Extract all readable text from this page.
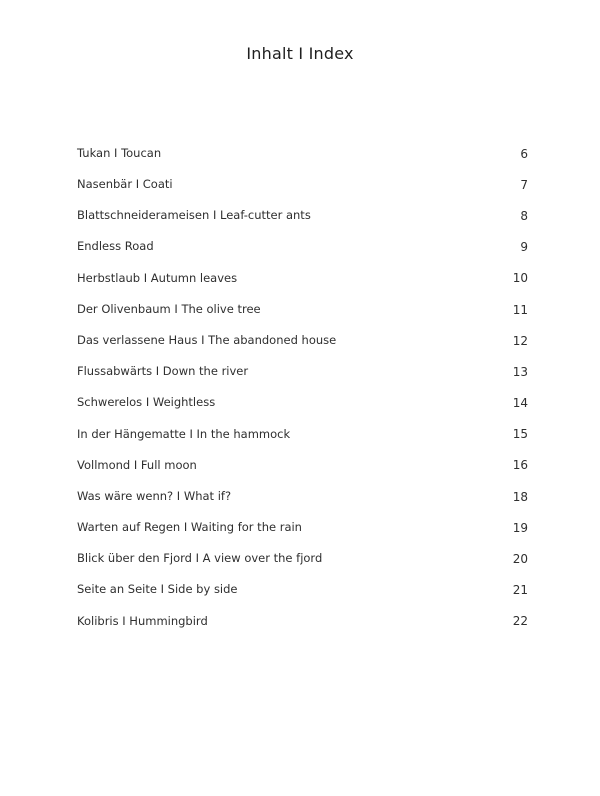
Inhalt I Index
Tukan I Toucan	6
Nasenbär I Coati	7
Blattschneiderameisen I Leaf-cutter ants	8
Endless Road	9
Herbstlaub I Autumn leaves	10
Der Olivenbaum I The olive tree	11
Das verlassene Haus I The abandoned house	12
Flussabwärts I Down the river	13
Schwerelos I Weightless	14
In der Hängematte I In the hammock	15
Vollmond I Full moon	16
Was wäre wenn? I What if?	18
Warten auf Regen I Waiting for the rain	19
Blick über den Fjord I A view over the fjord	20
Seite an Seite I Side by side	21
Kolibris I Hummingbird	22
